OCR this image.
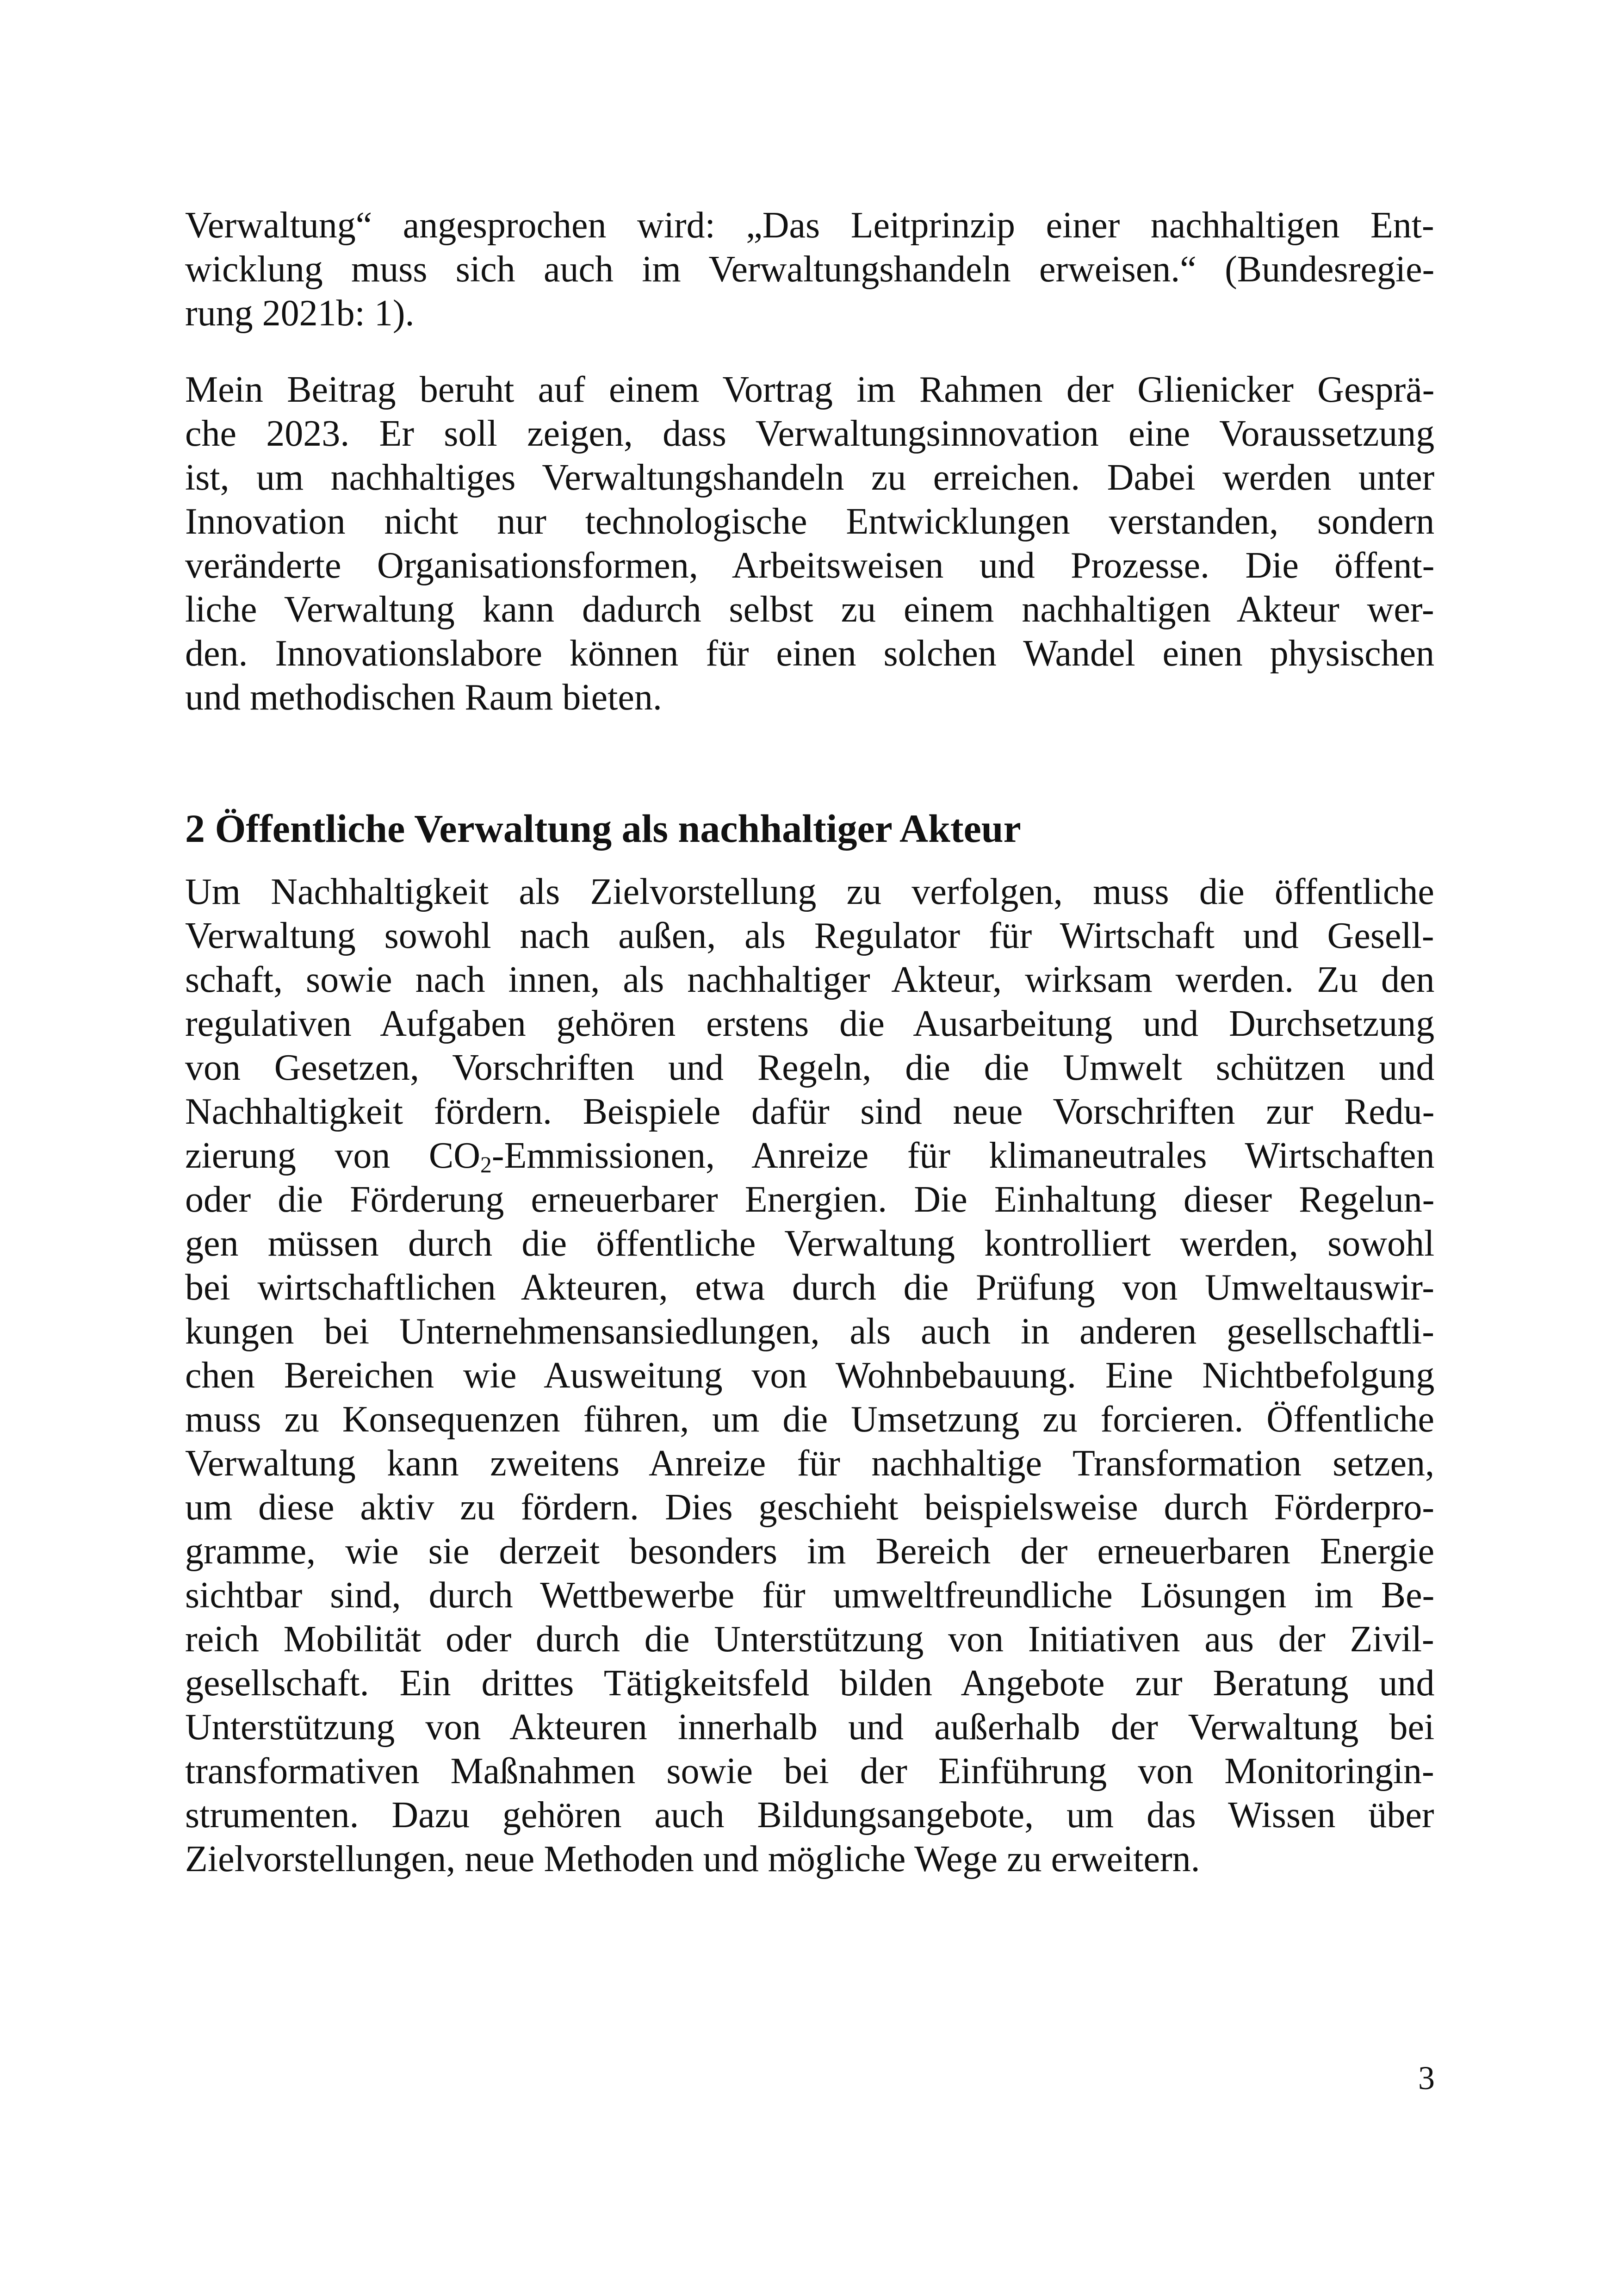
Verwaltung“ angesprochen wird: „Das Leitprinzip einer nachhaltigen Ent-
wicklung muss sich auch im Verwaltungshandeln erweisen.“ (Bundesregie-
rung 2021b: 1).
Mein Beitrag beruht auf einem Vortrag im Rahmen der Glienicker Gesprä-
che 2023. Er soll zeigen, dass Verwaltungsinnovation eine Voraussetzung
ist, um nachhaltiges Verwaltungshandeln zu erreichen. Dabei werden unter
Innovation nicht nur technologische Entwicklungen verstanden, sondern
veränderte Organisationsformen, Arbeitsweisen und Prozesse. Die öffent-
liche Verwaltung kann dadurch selbst zu einem nachhaltigen Akteur wer-
den. Innovationslabore können für einen solchen Wandel einen physischen
und methodischen Raum bieten.
2 Öffentliche Verwaltung als nachhaltiger Akteur
Um Nachhaltigkeit als Zielvorstellung zu verfolgen, muss die öffentliche
Verwaltung sowohl nach außen, als Regulator für Wirtschaft und Gesell-
schaft, sowie nach innen, als nachhaltiger Akteur, wirksam werden. Zu den
regulativen Aufgaben gehören erstens die Ausarbeitung und Durchsetzung
von Gesetzen, Vorschriften und Regeln, die die Umwelt schützen und
Nachhaltigkeit fördern. Beispiele dafür sind neue Vorschriften zur Redu-
zierung von $CO_2$-Emmissionen, Anreize für klimaneutrales Wirtschaften
oder die Förderung erneuerbarer Energien. Die Einhaltung dieser Regelun-
gen müssen durch die öffentliche Verwaltung kontrolliert werden, sowohl
bei wirtschaftlichen Akteuren, etwa durch die Prüfung von Umweltauswir-
kungen bei Unternehmensansiedlungen, als auch in anderen gesellschaftli-
chen Bereichen wie Ausweitung von Wohnbebauung. Eine Nichtbefolgung
muss zu Konsequenzen führen, um die Umsetzung zu forcieren. Öffentliche
Verwaltung kann zweitens Anreize für nachhaltige Transformation setzen,
um diese aktiv zu fördern. Dies geschieht beispielsweise durch Förderpro-
gramme, wie sie derzeit besonders im Bereich der erneuerbaren Energie
sichtbar sind, durch Wettbewerbe für umweltfreundliche Lösungen im Be-
reich Mobilität oder durch die Unterstützung von Initiativen aus der Zivil-
gesellschaft. Ein drittes Tätigkeitsfeld bilden Angebote zur Beratung und
Unterstützung von Akteuren innerhalb und außerhalb der Verwaltung bei
transformativen Maßnahmen sowie bei der Einführung von Monitoringin-
strumenten. Dazu gehören auch Bildungsangebote, um das Wissen über
Zielvorstellungen, neue Methoden und mögliche Wege zu erweitern.
3
